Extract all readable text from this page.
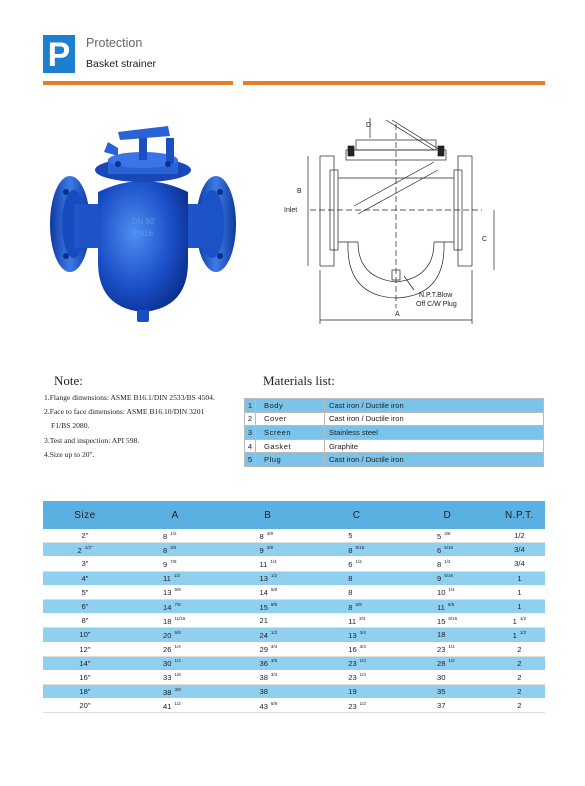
P Protection
Basket strainer
DN 80
PN16
D
B
Inlet
C
N.P.T.Blow
Off C/W Plug
A
Note:
1.Flange dimensions: ASME B16.1/DIN 2533/BS 4504.
2.Face to face dimensions: ASME B16.10/DIN 3201
F1/BS 2080.
3.Test and inspection: API 598.
4.Size up to 20".
Materials list:
1	Body	Cast iron / Ductile iron
2	Cover	Cast iron / Ductile iron
3	Screen	Stainless steel
4	Gasket	Graphite
5	Plug	Cast iron / Ductile iron
Size	A	B	C	D	N.P.T.
2"	8 $^{1/2}$	8 $^{3/8}$	5	5 $^{3/8}$	1/2
2 $^{1/2"}$	8 $^{3/4}$	9 $^{3/8}$	8 $^{5/16}$	6 $^{5/16}$	3/4
3"	9 $^{7/8}$	11 $^{1/4}$	6 $^{1/2}$	8 $^{1/2}$	3/4
4"	11 $^{1/2}$	13 $^{1/2}$	8	9 $^{5/16}$	1
5"	13 $^{5/8}$	14 $^{5/8}$	8	10 $^{1/4}$	1
6"	14 $^{7/8}$	15 $^{9/8}$	8 $^{5/8}$	11 $^{5/8}$	1
8"	18 $^{11/16}$	21	11 $^{3/4}$	15 $^{5/16}$	1 $^{1/2}$
10"	20 $^{5/8}$	24 $^{1/2}$	13 $^{3/4}$	18	1 $^{1/2}$
12"	26 $^{1/4}$	29 $^{3/4}$	16 $^{3/4}$	23 $^{1/4}$	2
14"	30 $^{1/4}$	36 $^{3/8}$	23 $^{1/4}$	28 $^{1/2}$	2
16"	33 $^{1/8}$	38 $^{3/4}$	23 $^{1/4}$	30	2
18"	38 $^{3/8}$	38	19	35	2
20"	41 $^{1/2}$	43 $^{5/8}$	23 $^{1/2}$	37	2
